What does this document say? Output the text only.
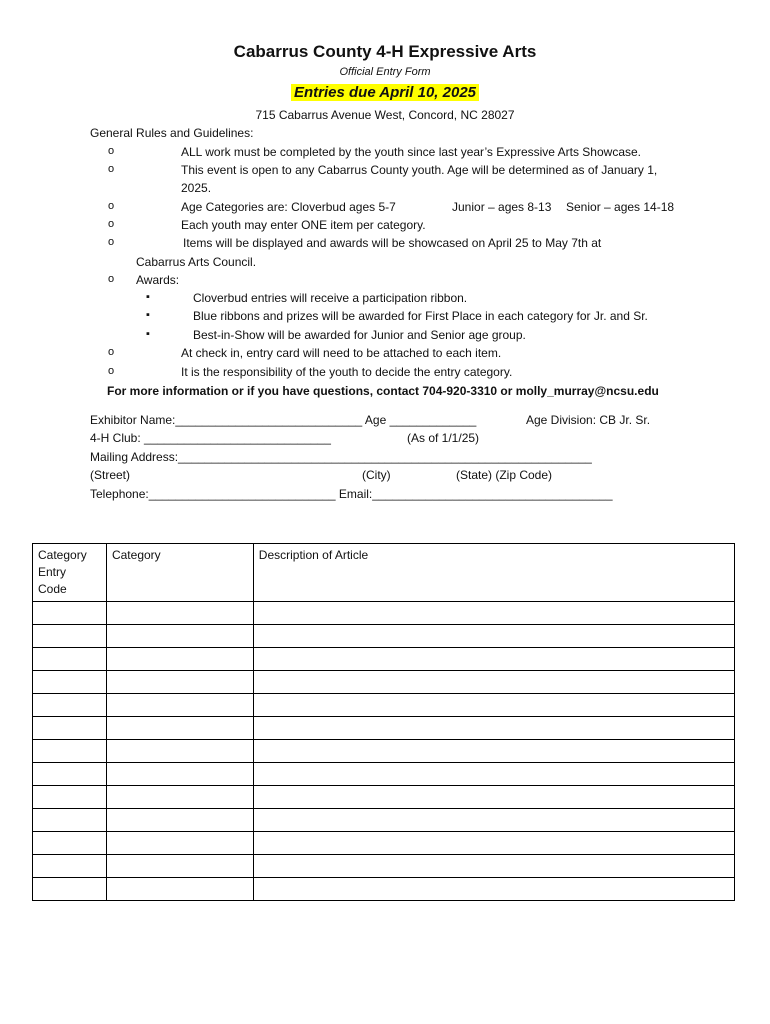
Cabarrus County 4-H Expressive Arts
Official Entry Form
Entries due April 10, 2025
715 Cabarrus Avenue West, Concord, NC 28027
General Rules and Guidelines:
o	ALL work must be completed by the youth since last year’s Expressive Arts Showcase.
o	This event is open to any Cabarrus County youth. Age will be determined as of January 1,
2025.
o	Age Categories are: Cloverbud ages 5-7	Junior – ages 8-13 Senior – ages 14-18
o	Each youth may enter ONE item per category.
o	Items will be displayed and awards will be showcased on April 25 to May 7th at
Cabarrus Arts Council.
o Awards:
▪	Cloverbud entries will receive a participation ribbon.
▪	Blue ribbons and prizes will be awarded for First Place in each category for Jr. and Sr.
▪	Best-in-Show will be awarded for Junior and Senior age group.
o	At check in, entry card will need to be attached to each item.
o	It is the responsibility of the youth to decide the entry category.
For more information or if you have questions, contact 704-920-3310 or molly_murray@ncsu.edu
Exhibitor Name:____________________________ Age _____________	Age Division: CB Jr. Sr.
4-H Club: ____________________________	(As of 1/1/25)
Mailing Address:______________________________________________________________
(Street)	(City)	(State) (Zip Code)
Telephone:____________________________ Email:____________________________________
Category
Entry
Code	Category	Description of Article
